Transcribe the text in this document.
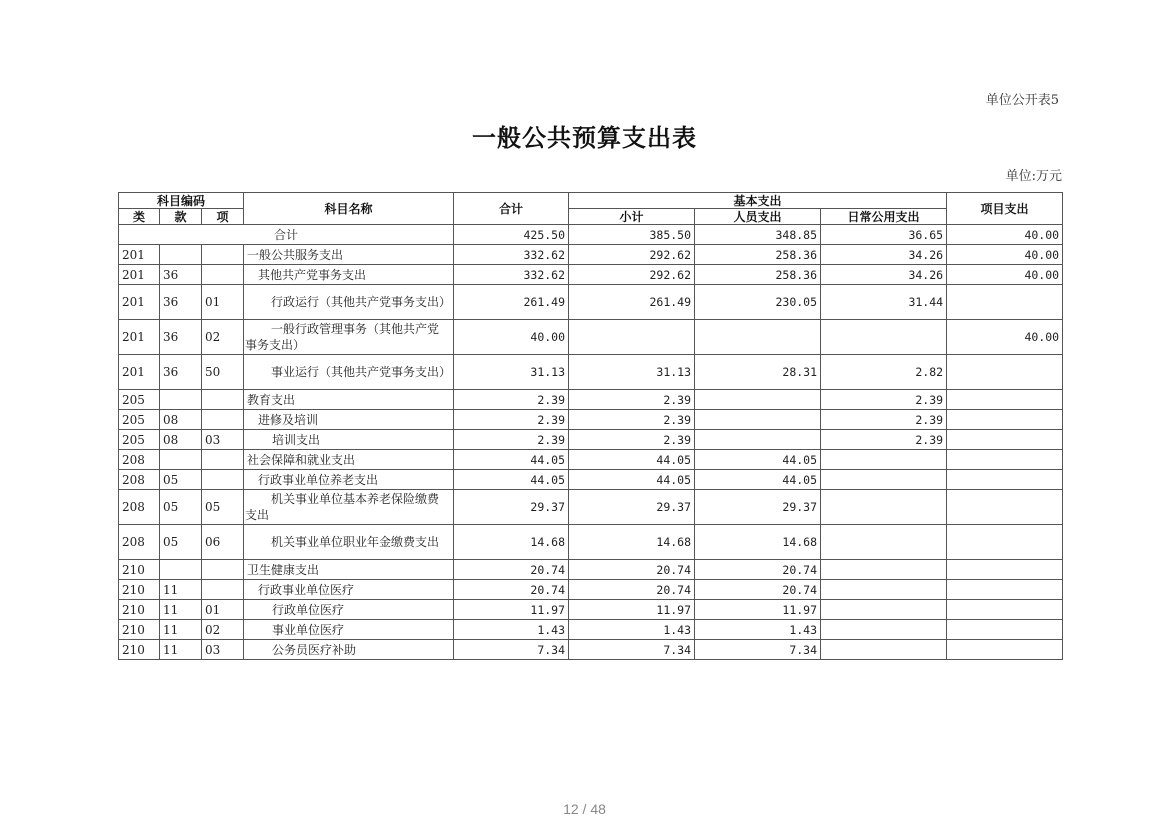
单位公开表5
一般公共预算支出表
单位:万元
科目编码			科目名称	合计	基本支出			项目支出
类	款	项			小计	人员支出	日常公用支出	
合计				425.50	385.50	348.85	36.65	40.00
201			一般公共服务支出	332.62	292.62	258.36	34.26	40.00
201	36		其他共产党事务支出	332.62	292.62	258.36	34.26	40.00
201	36	01	行政运行（其他共产党事务支出）	261.49	261.49	230.05	31.44	
201	36	02	一般行政管理事务（其他共产党事务支出）	40.00				40.00
201	36	50	事业运行（其他共产党事务支出）	31.13	31.13	28.31	2.82	
205			教育支出	2.39	2.39		2.39	
205	08		进修及培训	2.39	2.39		2.39	
205	08	03	培训支出	2.39	2.39		2.39	
208			社会保障和就业支出	44.05	44.05	44.05		
208	05		行政事业单位养老支出	44.05	44.05	44.05		
208	05	05	机关事业单位基本养老保险缴费支出	29.37	29.37	29.37		
208	05	06	机关事业单位职业年金缴费支出	14.68	14.68	14.68		
210			卫生健康支出	20.74	20.74	20.74		
210	11		行政事业单位医疗	20.74	20.74	20.74		
210	11	01	行政单位医疗	11.97	11.97	11.97		
210	11	02	事业单位医疗	1.43	1.43	1.43		
210	11	03	公务员医疗补助	7.34	7.34	7.34		
12 / 48
